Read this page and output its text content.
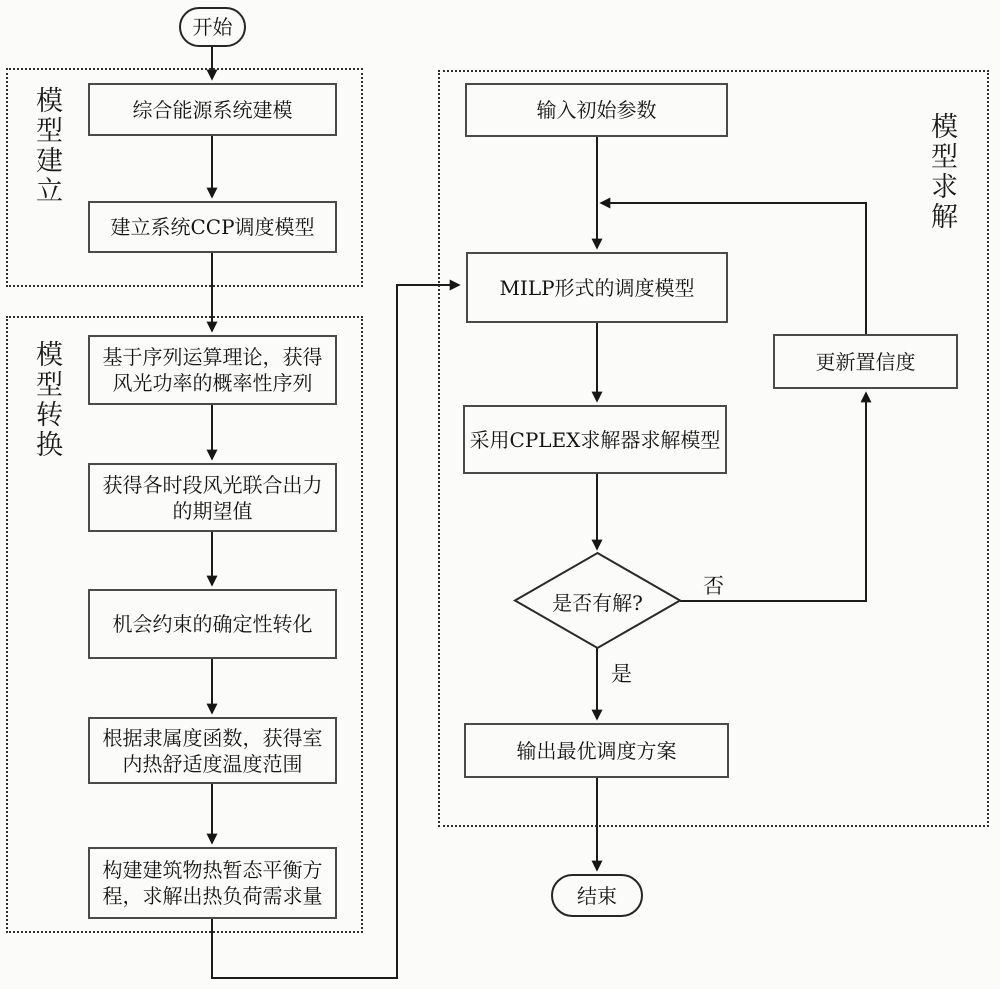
模型建立
模型转换
模型求解
开始
结束
综合能源系统建模
建立系统CCP调度模型
基于序列运算理论，获得
风光功率的概率性序列
获得各时段风光联合出力
的期望值
机会约束的确定性转化
根据隶属度函数，获得室
内热舒适度温度范围
构建建筑物热暂态平衡方
程，求解出热负荷需求量
输入初始参数
MILP形式的调度模型
更新置信度
采用CPLEX求解器求解模型
输出最优调度方案
是否有解?
否
是
